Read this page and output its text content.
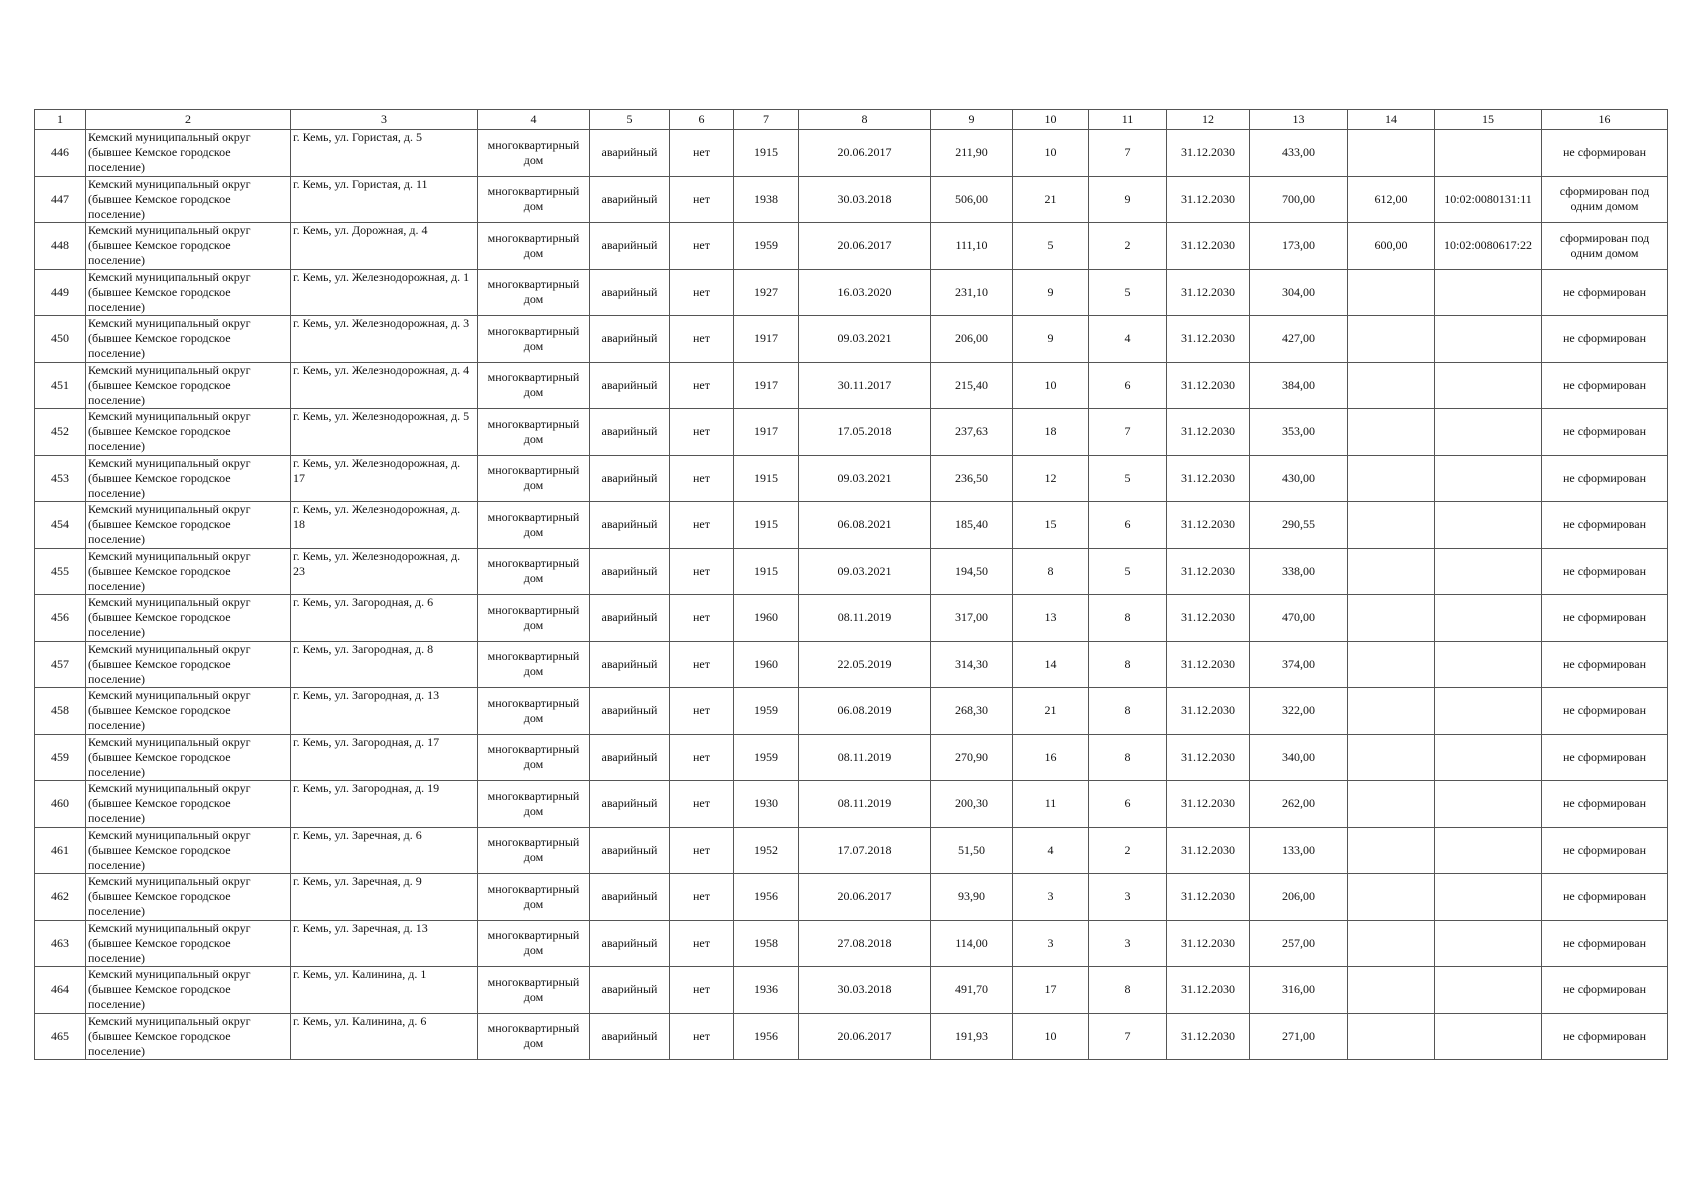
1	2	3	4	5	6	7	8	9	10	11	12	13	14	15	16
446	Кемский муниципальный округ (бывшее Кемское городское поселение)	г. Кемь, ул. Гористая, д. 5	многоквартирный дом	аварийный	нет	1915	20.06.2017	211,90	10	7	31.12.2030	433,00			не сформирован
447	Кемский муниципальный округ (бывшее Кемское городское поселение)	г. Кемь, ул. Гористая, д. 11	многоквартирный дом	аварийный	нет	1938	30.03.2018	506,00	21	9	31.12.2030	700,00	612,00	10:02:0080131:11	сформирован под одним домом
448	Кемский муниципальный округ (бывшее Кемское городское поселение)	г. Кемь, ул. Дорожная, д. 4	многоквартирный дом	аварийный	нет	1959	20.06.2017	111,10	5	2	31.12.2030	173,00	600,00	10:02:0080617:22	сформирован под одним домом
449	Кемский муниципальный округ (бывшее Кемское городское поселение)	г. Кемь, ул. Железнодорожная, д. 1	многоквартирный дом	аварийный	нет	1927	16.03.2020	231,10	9	5	31.12.2030	304,00			не сформирован
450	Кемский муниципальный округ (бывшее Кемское городское поселение)	г. Кемь, ул. Железнодорожная, д. 3	многоквартирный дом	аварийный	нет	1917	09.03.2021	206,00	9	4	31.12.2030	427,00			не сформирован
451	Кемский муниципальный округ (бывшее Кемское городское поселение)	г. Кемь, ул. Железнодорожная, д. 4	многоквартирный дом	аварийный	нет	1917	30.11.2017	215,40	10	6	31.12.2030	384,00			не сформирован
452	Кемский муниципальный округ (бывшее Кемское городское поселение)	г. Кемь, ул. Железнодорожная, д. 5	многоквартирный дом	аварийный	нет	1917	17.05.2018	237,63	18	7	31.12.2030	353,00			не сформирован
453	Кемский муниципальный округ (бывшее Кемское городское поселение)	г. Кемь, ул. Железнодорожная, д. 17	многоквартирный дом	аварийный	нет	1915	09.03.2021	236,50	12	5	31.12.2030	430,00			не сформирован
454	Кемский муниципальный округ (бывшее Кемское городское поселение)	г. Кемь, ул. Железнодорожная, д. 18	многоквартирный дом	аварийный	нет	1915	06.08.2021	185,40	15	6	31.12.2030	290,55			не сформирован
455	Кемский муниципальный округ (бывшее Кемское городское поселение)	г. Кемь, ул. Железнодорожная, д. 23	многоквартирный дом	аварийный	нет	1915	09.03.2021	194,50	8	5	31.12.2030	338,00			не сформирован
456	Кемский муниципальный округ (бывшее Кемское городское поселение)	г. Кемь, ул. Загородная, д. 6	многоквартирный дом	аварийный	нет	1960	08.11.2019	317,00	13	8	31.12.2030	470,00			не сформирован
457	Кемский муниципальный округ (бывшее Кемское городское поселение)	г. Кемь, ул. Загородная, д. 8	многоквартирный дом	аварийный	нет	1960	22.05.2019	314,30	14	8	31.12.2030	374,00			не сформирован
458	Кемский муниципальный округ (бывшее Кемское городское поселение)	г. Кемь, ул. Загородная, д. 13	многоквартирный дом	аварийный	нет	1959	06.08.2019	268,30	21	8	31.12.2030	322,00			не сформирован
459	Кемский муниципальный округ (бывшее Кемское городское поселение)	г. Кемь, ул. Загородная, д. 17	многоквартирный дом	аварийный	нет	1959	08.11.2019	270,90	16	8	31.12.2030	340,00			не сформирован
460	Кемский муниципальный округ (бывшее Кемское городское поселение)	г. Кемь, ул. Загородная, д. 19	многоквартирный дом	аварийный	нет	1930	08.11.2019	200,30	11	6	31.12.2030	262,00			не сформирован
461	Кемский муниципальный округ (бывшее Кемское городское поселение)	г. Кемь, ул. Заречная, д. 6	многоквартирный дом	аварийный	нет	1952	17.07.2018	51,50	4	2	31.12.2030	133,00			не сформирован
462	Кемский муниципальный округ (бывшее Кемское городское поселение)	г. Кемь, ул. Заречная, д. 9	многоквартирный дом	аварийный	нет	1956	20.06.2017	93,90	3	3	31.12.2030	206,00			не сформирован
463	Кемский муниципальный округ (бывшее Кемское городское поселение)	г. Кемь, ул. Заречная, д. 13	многоквартирный дом	аварийный	нет	1958	27.08.2018	114,00	3	3	31.12.2030	257,00			не сформирован
464	Кемский муниципальный округ (бывшее Кемское городское поселение)	г. Кемь, ул. Калинина, д. 1	многоквартирный дом	аварийный	нет	1936	30.03.2018	491,70	17	8	31.12.2030	316,00			не сформирован
465	Кемский муниципальный округ (бывшее Кемское городское поселение)	г. Кемь, ул. Калинина, д. 6	многоквартирный дом	аварийный	нет	1956	20.06.2017	191,93	10	7	31.12.2030	271,00			не сформирован
